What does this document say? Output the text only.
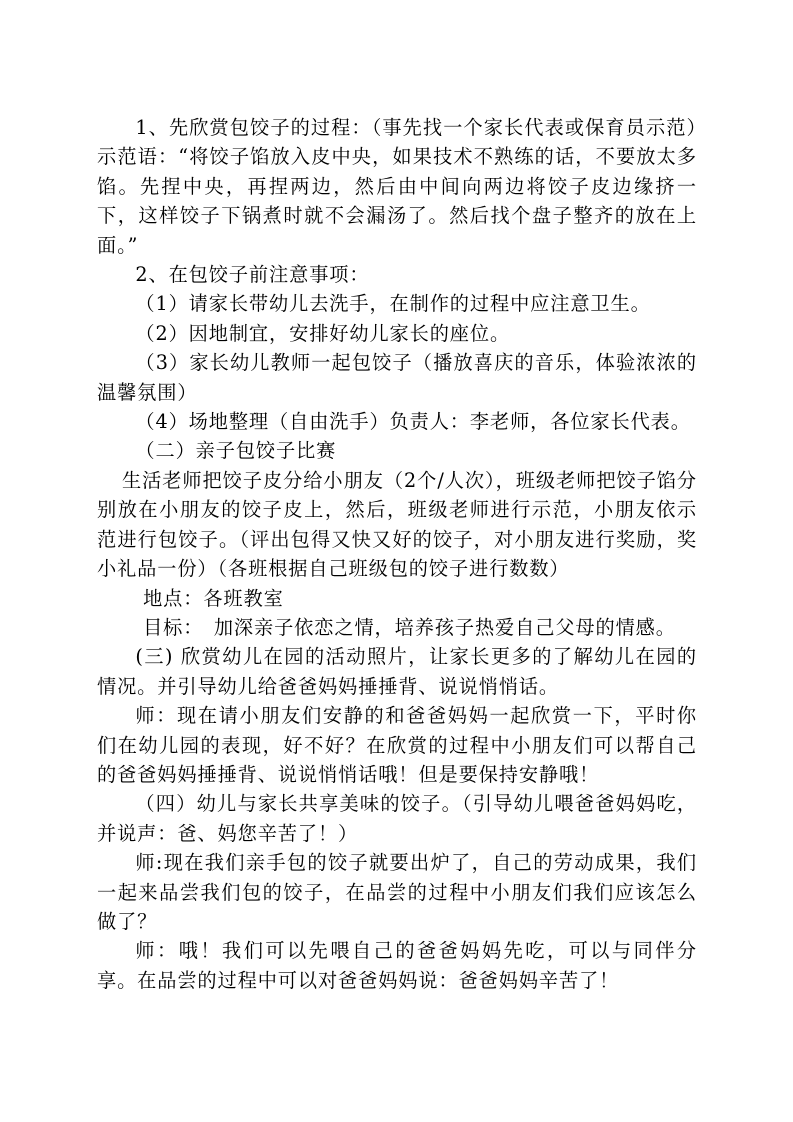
1、先欣赏包饺子的过程：（事先找一个家长代表或保育员示范）示范语：“将饺子馅放入皮中央，如果技术不熟练的话，不要放太多馅。先捏中央，再捏两边，然后由中间向两边将饺子皮边缘挤一下，这样饺子下锅煮时就不会漏汤了。然后找个盘子整齐的放在上面。”

2、在包饺子前注意事项：

（1）请家长带幼儿去洗手，在制作的过程中应注意卫生。

（2）因地制宜，安排好幼儿家长的座位。

（3）家长幼儿教师一起包饺子（播放喜庆的音乐，体验浓浓的温馨氛围）

（4）场地整理（自由洗手）负责人：李老师，各位家长代表。

（二）亲子包饺子比赛

生活老师把饺子皮分给小朋友（2个/人次），班级老师把饺子馅分别放在小朋友的饺子皮上，然后，班级老师进行示范，小朋友依示范进行包饺子。（评出包得又快又好的饺子，对小朋友进行奖励，奖小礼品一份）（各班根据自己班级包的饺子进行数数）

地点：各班教室

目标：　加深亲子依恋之情，培养孩子热爱自己父母的情感。

(三) 欣赏幼儿在园的活动照片，让家长更多的了解幼儿在园的情况。并引导幼儿给爸爸妈妈捶捶背、说说悄悄话。

师：现在请小朋友们安静的和爸爸妈妈一起欣赏一下，平时你们在幼儿园的表现，好不好？在欣赏的过程中小朋友们可以帮自己的爸爸妈妈捶捶背、说说悄悄话哦！但是要保持安静哦！

（四）幼儿与家长共享美味的饺子。（引导幼儿喂爸爸妈妈吃，并说声：爸、妈您辛苦了！）

师:现在我们亲手包的饺子就要出炉了，自己的劳动成果，我们一起来品尝我们包的饺子，在品尝的过程中小朋友们我们应该怎么做了？

师：哦！我们可以先喂自己的爸爸妈妈先吃，可以与同伴分享。在品尝的过程中可以对爸爸妈妈说：爸爸妈妈辛苦了！
